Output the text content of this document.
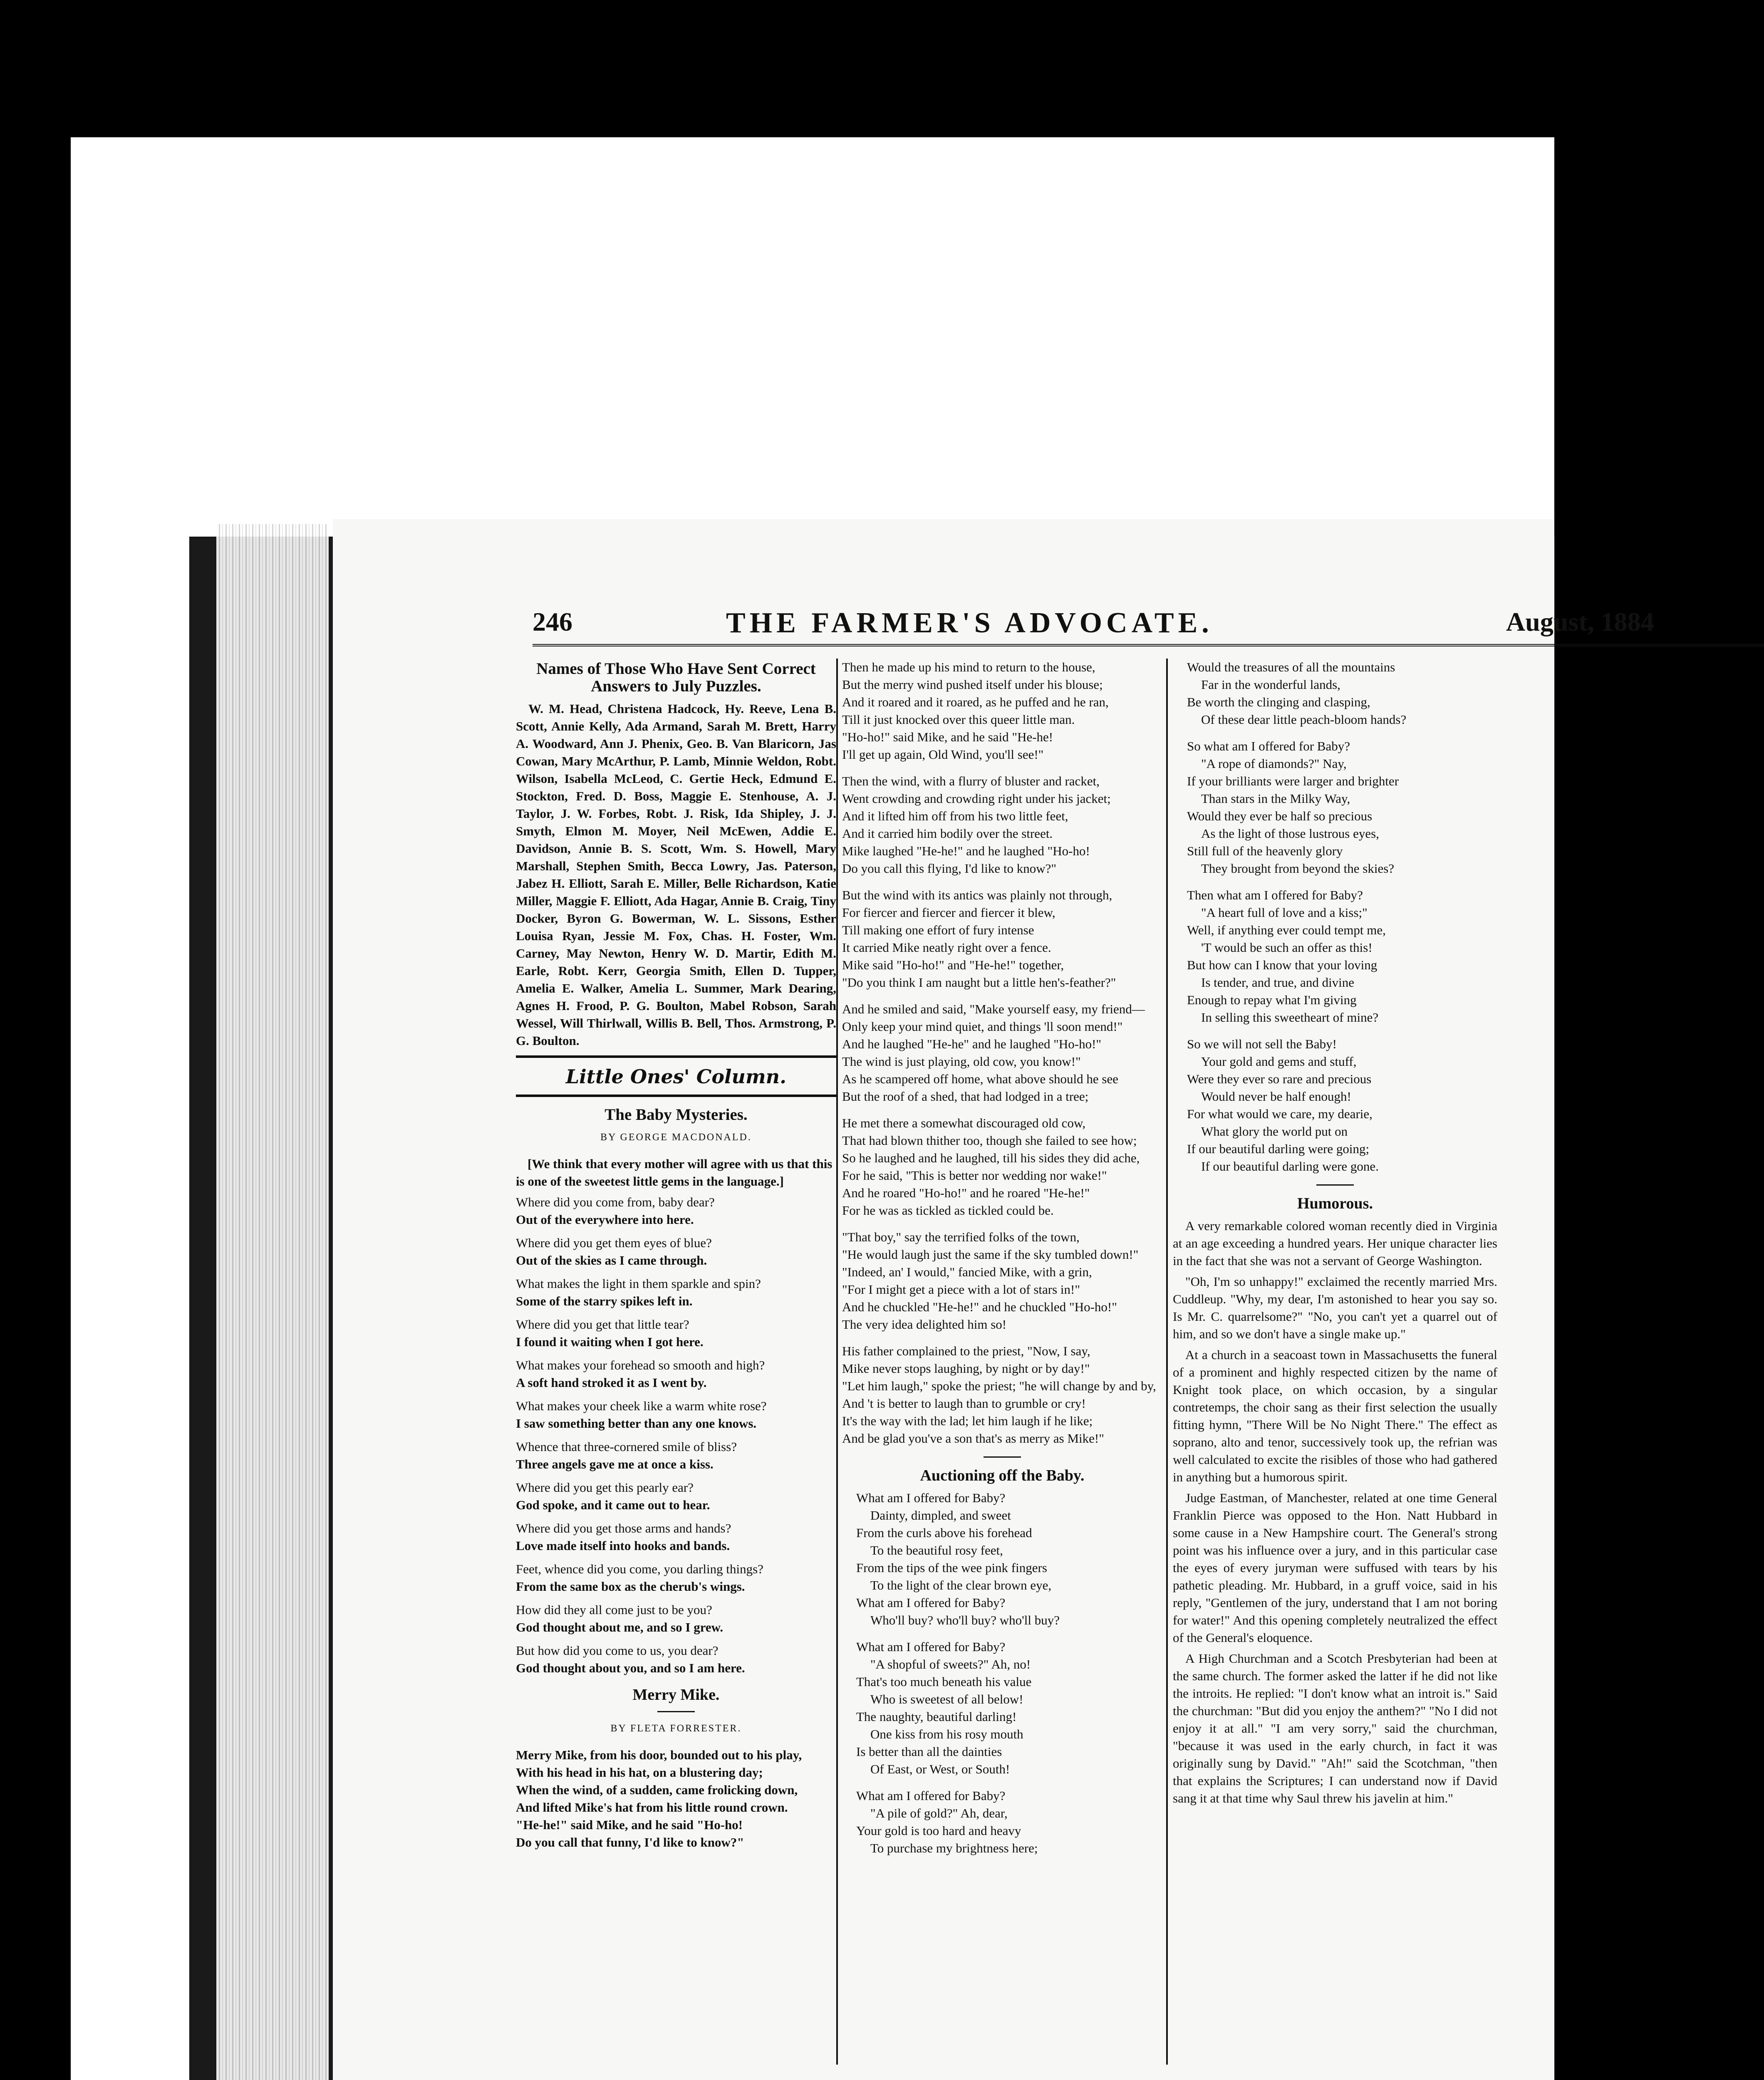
246	THE FARMER'S ADVOCATE.	August, 1884
Names of Those Who Have Sent Correct Answers to July Puzzles.

W. M. Head, Christena Hadcock, Hy. Reeve, Lena B. Scott, Annie Kelly, Ada Armand, Sarah M. Brett, Harry A. Woodward, Ann J. Phenix, Geo. B. Van Blaricorn, Jas Cowan, Mary McArthur, P. Lamb, Minnie Weldon, Robt. Wilson, Isabella McLeod, C. Gertie Heck, Edmund E. Stockton, Fred. D. Boss, Maggie E. Stenhouse, A. J. Taylor, J. W. Forbes, Robt. J. Risk, Ida Shipley, J. J. Smyth, Elmon M. Moyer, Neil McEwen, Addie E. Davidson, Annie B. S. Scott, Wm. S. Howell, Mary Marshall, Stephen Smith, Becca Lowry, Jas. Paterson, Jabez H. Elliott, Sarah E. Miller, Belle Richardson, Katie Miller, Maggie F. Elliott, Ada Hagar, Annie B. Craig, Tiny Docker, Byron G. Bowerman, W. L. Sissons, Esther Louisa Ryan, Jessie M. Fox, Chas. H. Foster, Wm. Carney, May Newton, Henry W. D. Martir, Edith M. Earle, Robt. Kerr, Georgia Smith, Ellen D. Tupper, Amelia E. Walker, Amelia L. Summer, Mark Dearing, Agnes H. Frood, P. G. Boulton, Mabel Robson, Sarah Wessel, Will Thirlwall, Willis B. Bell, Thos. Armstrong, P. G. Boulton.

Little Ones' Column.
The Baby Mysteries.
BY GEORGE MACDONALD.

[We think that every mother will agree with us that this is one of the sweetest little gems in the language.]

Where did you come from, baby dear?
Out of the everywhere into here.
Where did you get them eyes of blue?
Out of the skies as I came through.
What makes the light in them sparkle and spin?
Some of the starry spikes left in.
Where did you get that little tear?
I found it waiting when I got here.
What makes your forehead so smooth and high?
A soft hand stroked it as I went by.
What makes your cheek like a warm white rose?
I saw something better than any one knows.
Whence that three-cornered smile of bliss?
Three angels gave me at once a kiss.
Where did you get this pearly ear?
God spoke, and it came out to hear.
Where did you get those arms and hands?
Love made itself into hooks and bands.
Feet, whence did you come, you darling things?
From the same box as the cherub's wings.
How did they all come just to be you?
God thought about me, and so I grew.
But how did you come to us, you dear?
God thought about you, and so I am here.
Merry Mike.
BY FLETA FORRESTER.
Merry Mike, from his door, bounded out to his play,
With his head in his hat, on a blustering day;
When the wind, of a sudden, came frolicking down,
And lifted Mike's hat from his little round crown.
"He-he!" said Mike, and he said "Ho-ho!
Do you call that funny, I'd like to know?"
Then he made up his mind to return to the house,
But the merry wind pushed itself under his blouse;
And it roared and it roared, as he puffed and he ran,
Till it just knocked over this queer little man.
"Ho-ho!" said Mike, and he said "He-he!
I'll get up again, Old Wind, you'll see!"
Then the wind, with a flurry of bluster and racket,
Went crowding and crowding right under his jacket;
And it lifted him off from his two little feet,
And it carried him bodily over the street.
Mike laughed "He-he!" and he laughed "Ho-ho!
Do you call this flying, I'd like to know?"
But the wind with its antics was plainly not through,
For fiercer and fiercer and fiercer it blew,
Till making one effort of fury intense
It carried Mike neatly right over a fence.
Mike said "Ho-ho!" and "He-he!" together,
"Do you think I am naught but a little hen's-feather?"
And he smiled and said, "Make yourself easy, my friend—
Only keep your mind quiet, and things 'll soon mend!"
And he laughed "He-he" and he laughed "Ho-ho!"
The wind is just playing, old cow, you know!"
As he scampered off home, what above should he see
But the roof of a shed, that had lodged in a tree;
He met there a somewhat discouraged old cow,
That had blown thither too, though she failed to see how;
So he laughed and he laughed, till his sides they did ache,
For he said, "This is better nor wedding nor wake!"
And he roared "Ho-ho!" and he roared "He-he!"
For he was as tickled as tickled could be.
"That boy," say the terrified folks of the town,
"He would laugh just the same if the sky tumbled down!"
"Indeed, an' I would," fancied Mike, with a grin,
"For I might get a piece with a lot of stars in!"
And he chuckled "He-he!" and he chuckled "Ho-ho!"
The very idea delighted him so!
His father complained to the priest, "Now, I say,
Mike never stops laughing, by night or by day!"
"Let him laugh," spoke the priest; "he will change by and by,
And 't is better to laugh than to grumble or cry!
It's the way with the lad; let him laugh if he like;
And be glad you've a son that's as merry as Mike!"
Auctioning off the Baby.
What am I offered for Baby?
Dainty, dimpled, and sweet
From the curls above his forehead
To the beautiful rosy feet,
From the tips of the wee pink fingers
To the light of the clear brown eye,
What am I offered for Baby?
Who'll buy? who'll buy? who'll buy?
What am I offered for Baby?
"A shopful of sweets?" Ah, no!
That's too much beneath his value
Who is sweetest of all below!
The naughty, beautiful darling!
One kiss from his rosy mouth
Is better than all the dainties
Of East, or West, or South!
What am I offered for Baby?
"A pile of gold?" Ah, dear,
Your gold is too hard and heavy
To purchase my brightness here;
Would the treasures of all the mountains
Far in the wonderful lands,
Be worth the clinging and clasping,
Of these dear little peach-bloom hands?
So what am I offered for Baby?
"A rope of diamonds?" Nay,
If your brilliants were larger and brighter
Than stars in the Milky Way,
Would they ever be half so precious
As the light of those lustrous eyes,
Still full of the heavenly glory
They brought from beyond the skies?
Then what am I offered for Baby?
"A heart full of love and a kiss;"
Well, if anything ever could tempt me,
'T would be such an offer as this!
But how can I know that your loving
Is tender, and true, and divine
Enough to repay what I'm giving
In selling this sweetheart of mine?
So we will not sell the Baby!
Your gold and gems and stuff,
Were they ever so rare and precious
Would never be half enough!
For what would we care, my dearie,
What glory the world put on
If our beautiful darling were going;
If our beautiful darling were gone.
Humorous.

A very remarkable colored woman recently died in Virginia at an age exceeding a hundred years. Her unique character lies in the fact that she was not a servant of George Washington.

"Oh, I'm so unhappy!" exclaimed the recently married Mrs. Cuddleup. "Why, my dear, I'm astonished to hear you say so. Is Mr. C. quarrelsome?" "No, you can't yet a quarrel out of him, and so we don't have a single make up."

At a church in a seacoast town in Massachusetts the funeral of a prominent and highly respected citizen by the name of Knight took place, on which occasion, by a singular contretemps, the choir sang as their first selection the usually fitting hymn, "There Will be No Night There." The effect as soprano, alto and tenor, successively took up, the refrian was well calculated to excite the risibles of those who had gathered in anything but a humorous spirit.

Judge Eastman, of Manchester, related at one time General Franklin Pierce was opposed to the Hon. Natt Hubbard in some cause in a New Hampshire court. The General's strong point was his influence over a jury, and in this particular case the eyes of every juryman were suffused with tears by his pathetic pleading. Mr. Hubbard, in a gruff voice, said in his reply, "Gentlemen of the jury, understand that I am not boring for water!" And this opening completely neutralized the effect of the General's eloquence.

A High Churchman and a Scotch Presbyterian had been at the same church. The former asked the latter if he did not like the introits. He replied: "I don't know what an introit is." Said the churchman: "But did you enjoy the anthem?" "No I did not enjoy it at all." "I am very sorry," said the churchman, "because it was used in the early church, in fact it was originally sung by David." "Ah!" said the Scotchman, "then that explains the Scriptures; I can understand now if David sang it at that time why Saul threw his javelin at him."
